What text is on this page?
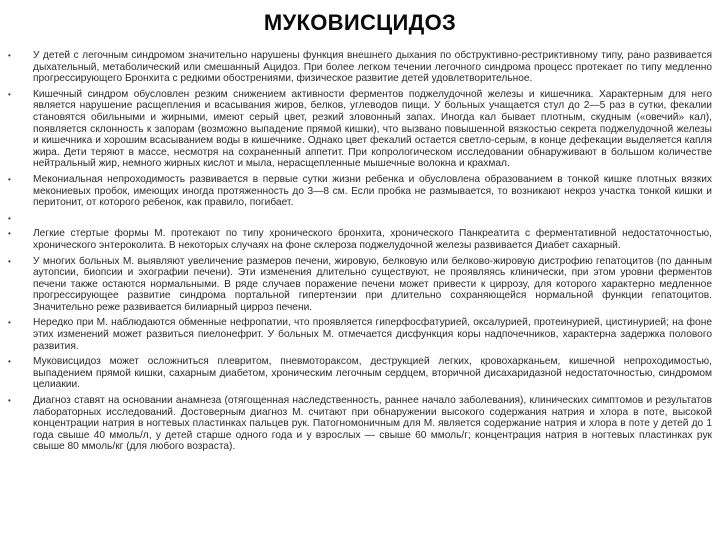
МУКОВИСЦИДОЗ
•	У детей с легочным синдромом значительно нарушены функция внешнего дыхания по обструктивно-рестриктивному типу, рано развивается дыхательный, метаболический или смешанный Ацидоз. При более легком течении легочного синдрома процесс протекает по типу медленно прогрессирующего Бронхита с редкими обострениями, физическое развитие детей удовлетворительное.
•	Кишечный синдром обусловлен резким снижением активности ферментов поджелудочной железы и кишечника. Характерным для него является нарушение расщепления и всасывания жиров, белков, углеводов пищи. У больных учащается стул до 2—5 раз в сутки, фекалии становятся обильными и жирными, имеют серый цвет, резкий зловонный запах. Иногда кал бывает плотным, скудным («овечий» кал), появляется склонность к запорам (возможно выпадение прямой кишки), что вызвано повышенной вязкостью секрета поджелудочной железы и кишечника и хорошим всасыванием воды в кишечнике. Однако цвет фекалий остается светло-серым, в конце дефекации выделяется капля жира. Дети теряют в массе, несмотря на сохраненный аппетит. При копрологическом исследовании обнаруживают в большом количестве нейтральный жир, немного жирных кислот и мыла, нерасщепленные мышечные волокна и крахмал.
•	Мекониальная непроходимость развивается в первые сутки жизни ребенка и обусловлена образованием в тонкой кишке плотных вязких мекониевых пробок, имеющих иногда протяженность до 3—8 см. Если пробка не размывается, то возникают некроз участка тонкой кишки и перитонит, от которого ребенок, как правило, погибает.
•
•	Легкие стертые формы М. протекают по типу хронического бронхита, хронического Панкреатита с ферментативной недостаточностью, хронического энтероколита. В некоторых случаях на фоне склероза поджелудочной железы развивается Диабет сахарный.
•	У многих больных М. выявляют увеличение размеров печени, жировую, белковую или белково-жировую дистрофию гепатоцитов (по данным аутопсии, биопсии и эхографии печени). Эти изменения длительно существуют, не проявляясь клинически, при этом уровни ферментов печени также остаются нормальными. В ряде случаев поражение печени может привести к циррозу, для которого характерно медленное прогрессирующее развитие синдрома портальной гипертензии при длительно сохраняющейся нормальной функции гепатоцитов. Значительно реже развивается билиарный цирроз печени.
•	Нередко при М. наблюдаются обменные нефропатии, что проявляется гиперфосфатурией, оксалурией, протеинурией, цистинурией; на фоне этих изменений может развиться пиелонефрит. У больных М. отмечается дисфункция коры надпочечников, характерна задержка полового развития.
•	Муковисцидоз может осложниться плевритом, пневмотораксом, деструкцией легких, кровохарканьем, кишечной непроходимостью, выпадением прямой кишки, сахарным диабетом, хроническим легочным сердцем, вторичной дисахаридазной недостаточностью, синдромом целиакии.
•	Диагноз ставят на основании анамнеза (отягощенная наследственность, раннее начало заболевания), клинических симптомов и результатов лабораторных исследований. Достоверным диагноз М. считают при обнаружении высокого содержания натрия и хлора в поте, высокой концентрации натрия в ногтевых пластинках пальцев рук. Патогномоничным для М. является содержание натрия и хлора в поте у детей до 1 года свыше 40 ммоль/л, у детей старше одного года и у взрослых — свыше 60 ммоль/г; концентрация натрия в ногтевых пластинках рук свыше 80 ммоль/кг (для любого возраста).
